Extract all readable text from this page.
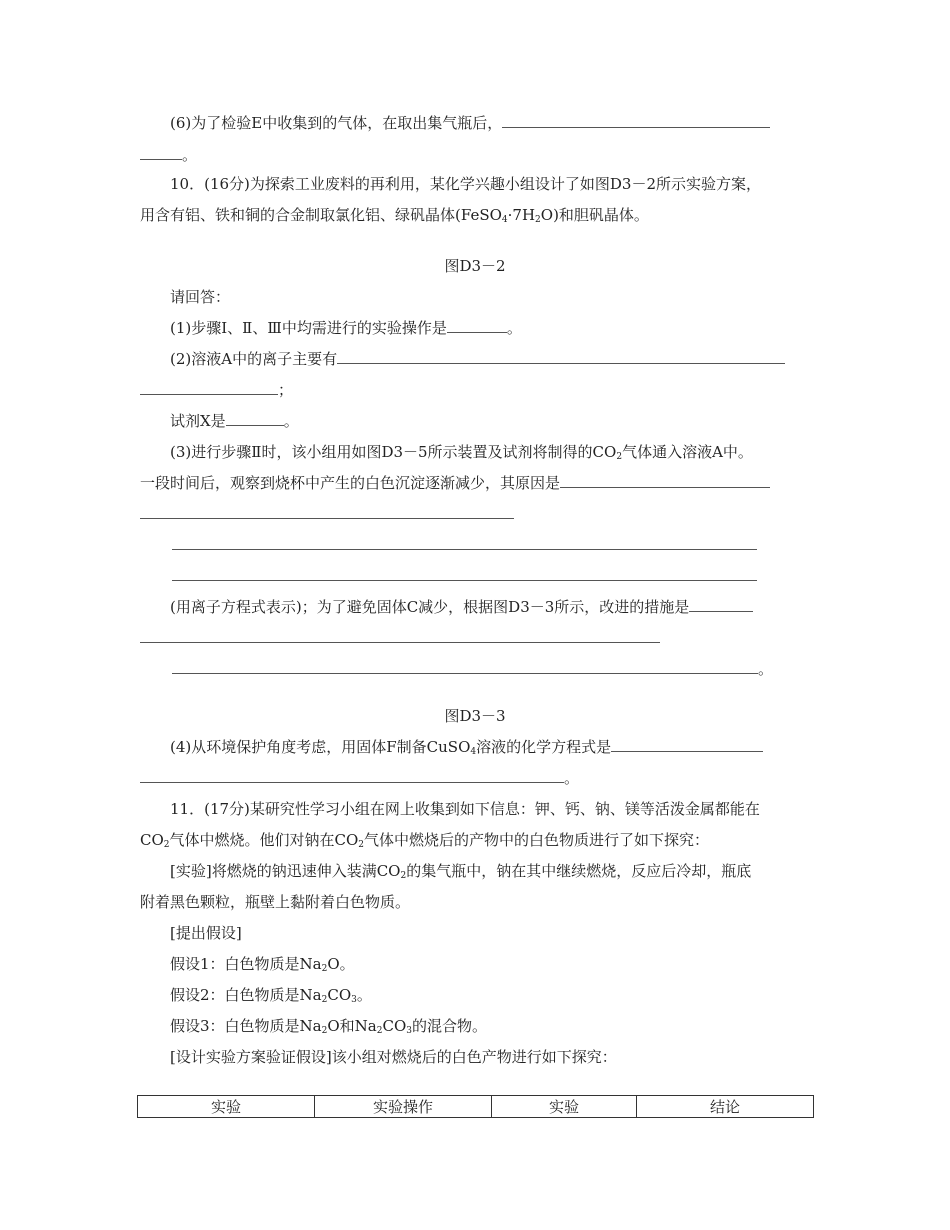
(6)为了检验E中收集到的气体，在取出集气瓶后，
。
10．(16分)为探索工业废料的再利用，某化学兴趣小组设计了如图D3－2所示实验方案，
用含有铝、铁和铜的合金制取氯化铝、绿矾晶体$(FeSO_4\cdot 7H_2O)$和胆矾晶体。
图D3－2
请回答：
(1)步骤Ⅰ、Ⅱ、Ⅲ中均需进行的实验操作是	。
(2)溶液A中的离子主要有
；
试剂X是	。
(3)进行步骤Ⅱ时，该小组用如图D3－5所示装置及试剂将制得的$CO_2$气体通入溶液A中。
一段时间后，观察到烧杯中产生的白色沉淀逐渐减少，其原因是
(用离子方程式表示)；为了避免固体C减少，根据图D3－3所示，改进的措施是
。
图D3－3
(4)从环境保护角度考虑，用固体F制备CuSO$_4$溶液的化学方程式是
。
11．(17分)某研究性学习小组在网上收集到如下信息：钾、钙、钠、镁等活泼金属都能在
$CO_2$气体中燃烧。他们对钠在$CO_2$气体中燃烧后的产物中的白色物质进行了如下探究：
[实验]将燃烧的钠迅速伸入装满$CO_2$的集气瓶中，钠在其中继续燃烧，反应后冷却，瓶底
附着黑色颗粒，瓶壁上黏附着白色物质。
[提出假设]
假设1：白色物质是$Na_2O$。
假设2：白色物质是$Na_2CO_3$。
假设3：白色物质是$Na_2O$和$Na_2CO_3$的混合物。
[设计实验方案验证假设]该小组对燃烧后的白色产物进行如下探究：
实验	实验操作	实验	结论
